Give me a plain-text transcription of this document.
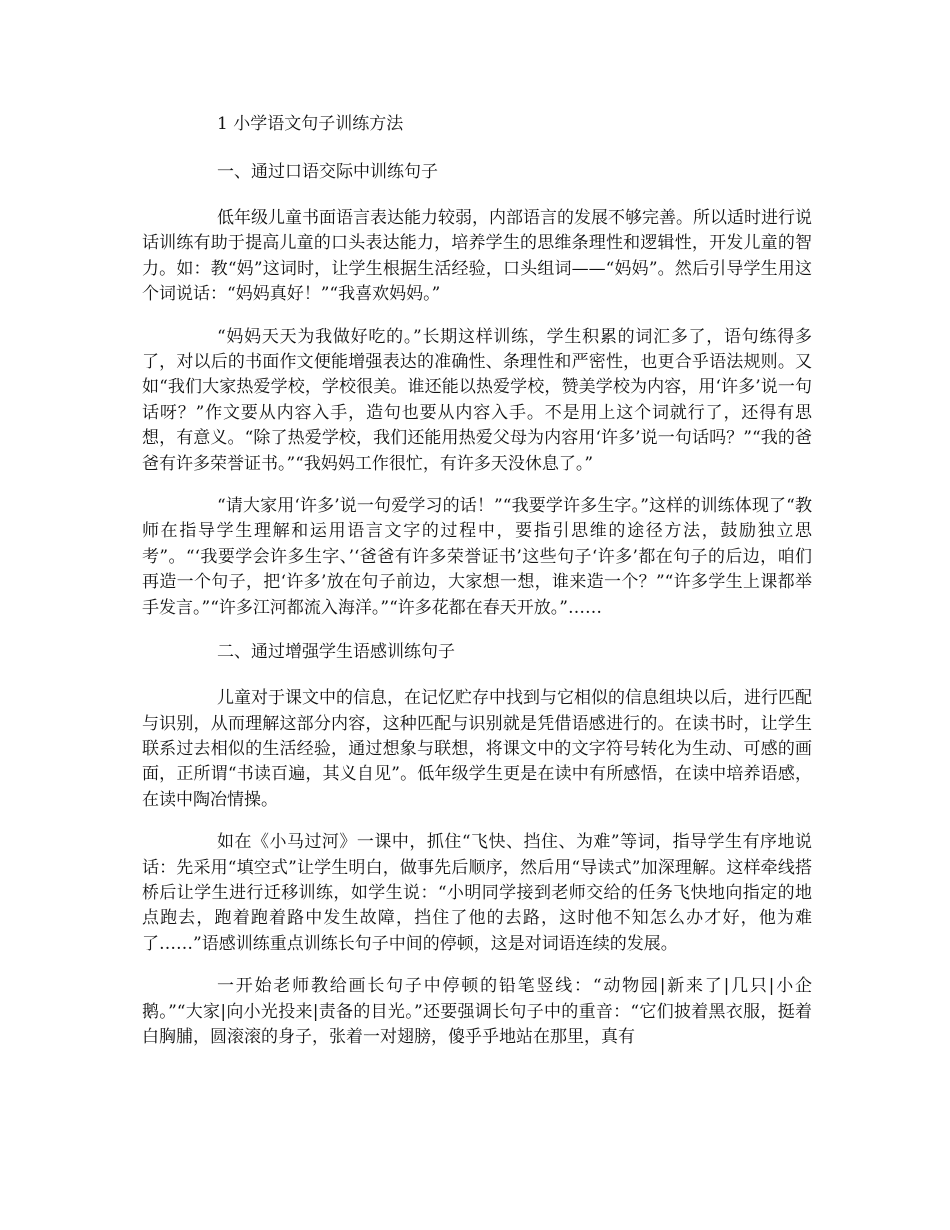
1 小学语文句子训练方法
一、通过口语交际中训练句子

低年级儿童书面语言表达能力较弱，内部语言的发展不够完善。所以适时进行说话训练有助于提高儿童的口头表达能力，培养学生的思维条理性和逻辑性，开发儿童的智力。如：教“妈”这词时，让学生根据生活经验，口头组词——“妈妈”。然后引导学生用这个词说话：“妈妈真好！”“我喜欢妈妈。”

“妈妈天天为我做好吃的。”长期这样训练，学生积累的词汇多了，语句练得多了，对以后的书面作文便能增强表达的准确性、条理性和严密性，也更合乎语法规则。又如“我们大家热爱学校，学校很美。谁还能以热爱学校，赞美学校为内容，用‘许多’说一句话呀？”作文要从内容入手，造句也要从内容入手。不是用上这个词就行了，还得有思想，有意义。“除了热爱学校，我们还能用热爱父母为内容用‘许多’说一句话吗？”“我的爸爸有许多荣誉证书。”“我妈妈工作很忙，有许多天没休息了。”

“请大家用‘许多’说一句爱学习的话！”“我要学许多生字。”这样的训练体现了“教师在指导学生理解和运用语言文字的过程中，要指引思维的途径方法，鼓励独立思考”。“‘我要学会许多生字、’‘爸爸有许多荣誉证书’这些句子‘许多’都在句子的后边，咱们再造一个句子，把‘许多’放在句子前边，大家想一想，谁来造一个？”“许多学生上课都举手发言。”“许多江河都流入海洋。”“许多花都在春天开放。”……

二、通过增强学生语感训练句子

儿童对于课文中的信息，在记忆贮存中找到与它相似的信息组块以后，进行匹配与识别，从而理解这部分内容，这种匹配与识别就是凭借语感进行的。在读书时，让学生联系过去相似的生活经验，通过想象与联想，将课文中的文字符号转化为生动、可感的画面，正所谓“书读百遍，其义自见”。低年级学生更是在读中有所感悟，在读中培养语感，在读中陶冶情操。

如在《小马过河》一课中，抓住“飞快、挡住、为难”等词，指导学生有序地说话：先采用“填空式”让学生明白，做事先后顺序，然后用“导读式”加深理解。这样牵线搭桥后让学生进行迁移训练，如学生说：“小明同学接到老师交给的任务飞快地向指定的地点跑去，跑着跑着路中发生故障，挡住了他的去路，这时他不知怎么办才好，他为难了……”语感训练重点训练长句子中间的停顿，这是对词语连续的发展。

一开始老师教给画长句子中停顿的铅笔竖线：“动物园|新来了|几只|小企鹅。”“大家|向小光投来|责备的目光。”还要强调长句子中的重音：“它们披着黑衣服，挺着白胸脯，圆滚滚的身子，张着一对翅膀，傻乎乎地站在那里，真有
